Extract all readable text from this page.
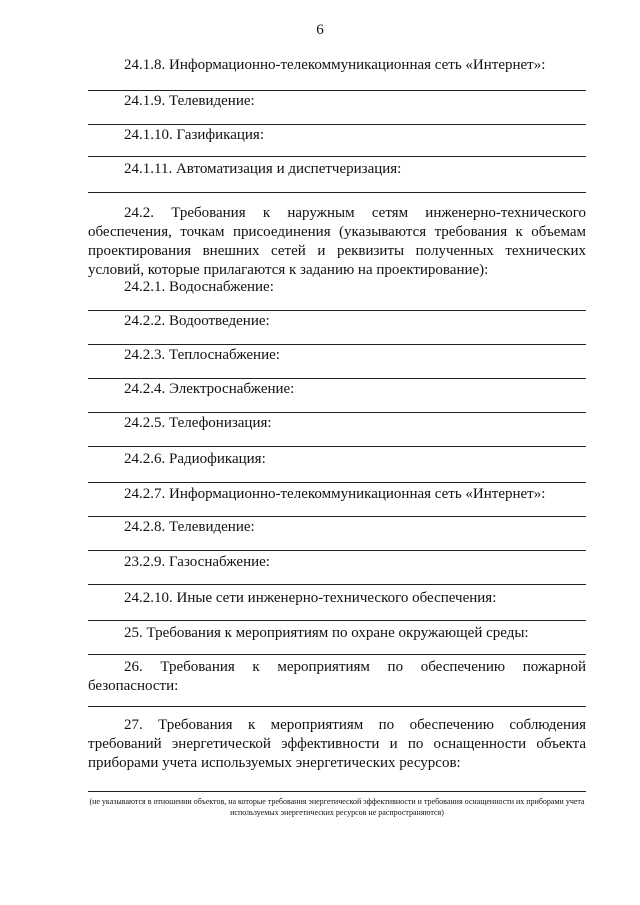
6
24.1.8. Информационно-телекоммуникационная сеть «Интернет»:
24.1.9. Телевидение:
24.1.10. Газификация:
24.1.11. Автоматизация и диспетчеризация:
24.2. Требования к наружным сетям инженерно-технического обеспечения, точкам присоединения (указываются требования к объемам проектирования внешних сетей и реквизиты полученных технических условий, которые прилагаются к заданию на проектирование):
24.2.1. Водоснабжение:
24.2.2. Водоотведение:
24.2.3. Теплоснабжение:
24.2.4. Электроснабжение:
24.2.5. Телефонизация:
24.2.6. Радиофикация:
24.2.7. Информационно-телекоммуникационная сеть «Интернет»:
24.2.8. Телевидение:
23.2.9. Газоснабжение:
24.2.10. Иные сети инженерно-технического обеспечения:
25. Требования к мероприятиям по охране окружающей среды:
26. Требования к мероприятиям по обеспечению пожарной безопасности:
27. Требования к мероприятиям по обеспечению соблюдения требований энергетической эффективности и по оснащенности объекта приборами учета используемых энергетических ресурсов:
(не указываются в отношении объектов, на которые требования энергетической эффективности и требования оснащенности их приборами учета используемых энергетических ресурсов не распространяются)
